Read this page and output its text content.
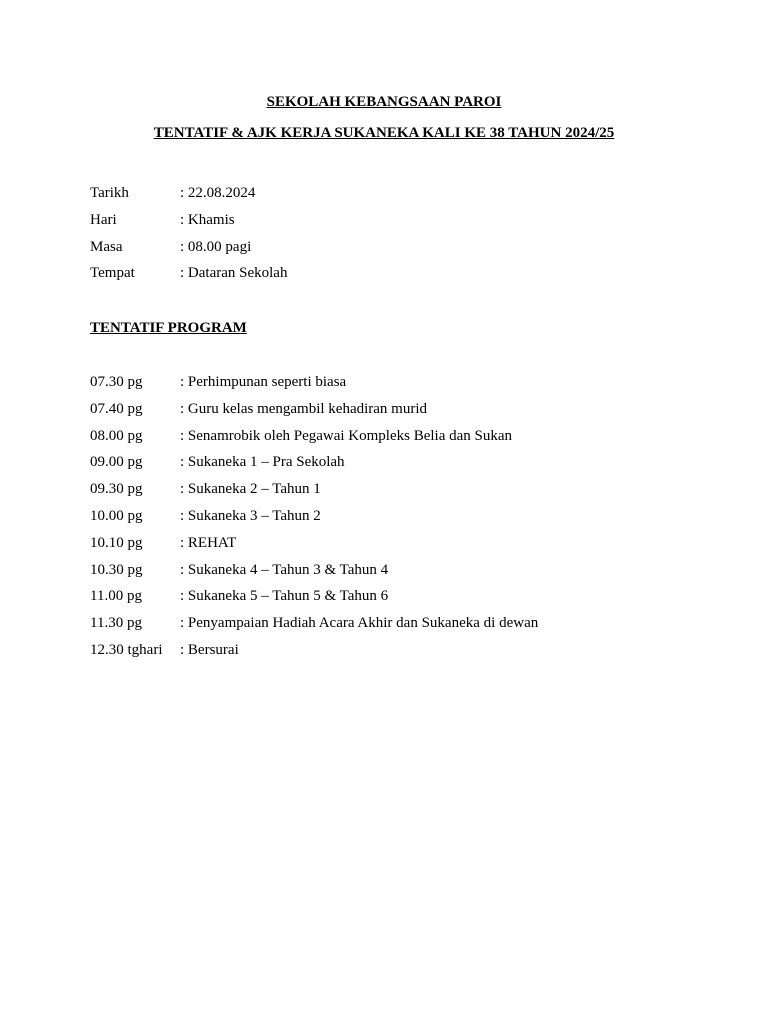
SEKOLAH KEBANGSAAN PAROI
TENTATIF & AJK KERJA SUKANEKA KALI KE 38 TAHUN 2024/25
Tarikh	: 22.08.2024
Hari	: Khamis
Masa	: 08.00 pagi
Tempat	: Dataran Sekolah
TENTATIF PROGRAM
07.30 pg	: Perhimpunan seperti biasa
07.40 pg	: Guru kelas mengambil kehadiran murid
08.00 pg	: Senamrobik oleh Pegawai Kompleks Belia dan Sukan
09.00 pg	: Sukaneka 1 – Pra Sekolah
09.30 pg	: Sukaneka 2 – Tahun 1
10.00 pg	: Sukaneka 3 – Tahun 2
10.10 pg	: REHAT
10.30 pg	: Sukaneka 4 – Tahun 3 & Tahun 4
11.00 pg	: Sukaneka 5 – Tahun 5 & Tahun 6
11.30 pg	: Penyampaian Hadiah Acara Akhir dan Sukaneka di dewan
12.30 tghari	: Bersurai
